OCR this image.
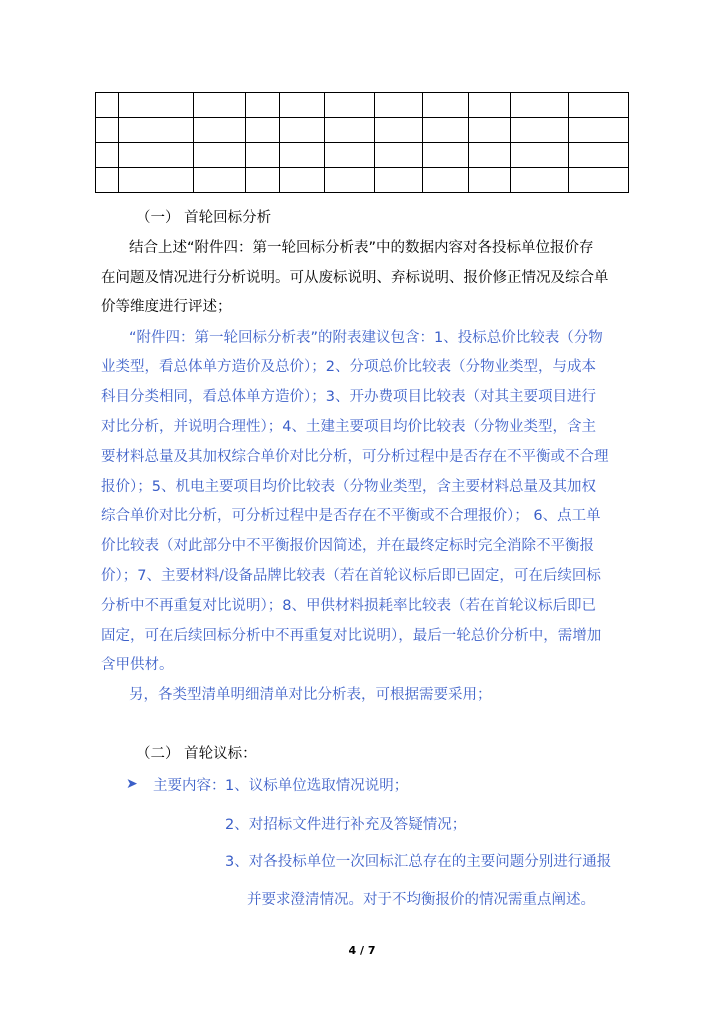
（一） 首轮回标分析
结合上述“附件四：第一轮回标分析表”中的数据内容对各投标单位报价存
在问题及情况进行分析说明。可从废标说明、弃标说明、报价修正情况及综合单
价等维度进行评述；
“附件四：第一轮回标分析表”的附表建议包含：1、投标总价比较表（分物
业类型，看总体单方造价及总价）；2、分项总价比较表（分物业类型，与成本
科目分类相同，看总体单方造价）；3、开办费项目比较表（对其主要项目进行
对比分析，并说明合理性）；4、土建主要项目均价比较表（分物业类型，含主
要材料总量及其加权综合单价对比分析，可分析过程中是否存在不平衡或不合理
报价）；5、机电主要项目均价比较表（分物业类型，含主要材料总量及其加权
综合单价对比分析，可分析过程中是否存在不平衡或不合理报价）； 6、点工单
价比较表（对此部分中不平衡报价因简述，并在最终定标时完全消除不平衡报
价）；7、主要材料/设备品牌比较表（若在首轮议标后即已固定，可在后续回标
分析中不再重复对比说明）；8、甲供材料损耗率比较表（若在首轮议标后即已
固定，可在后续回标分析中不再重复对比说明），最后一轮总价分析中，需增加
含甲供材。
另，各类型清单明细清单对比分析表，可根据需要采用；
（二） 首轮议标：
➤ 主要内容： 1、议标单位选取情况说明；
2、对招标文件进行补充及答疑情况；
3、对各投标单位一次回标汇总存在的主要问题分别进行通报
并要求澄清情况。对于不均衡报价的情况需重点阐述。
4 / 7
